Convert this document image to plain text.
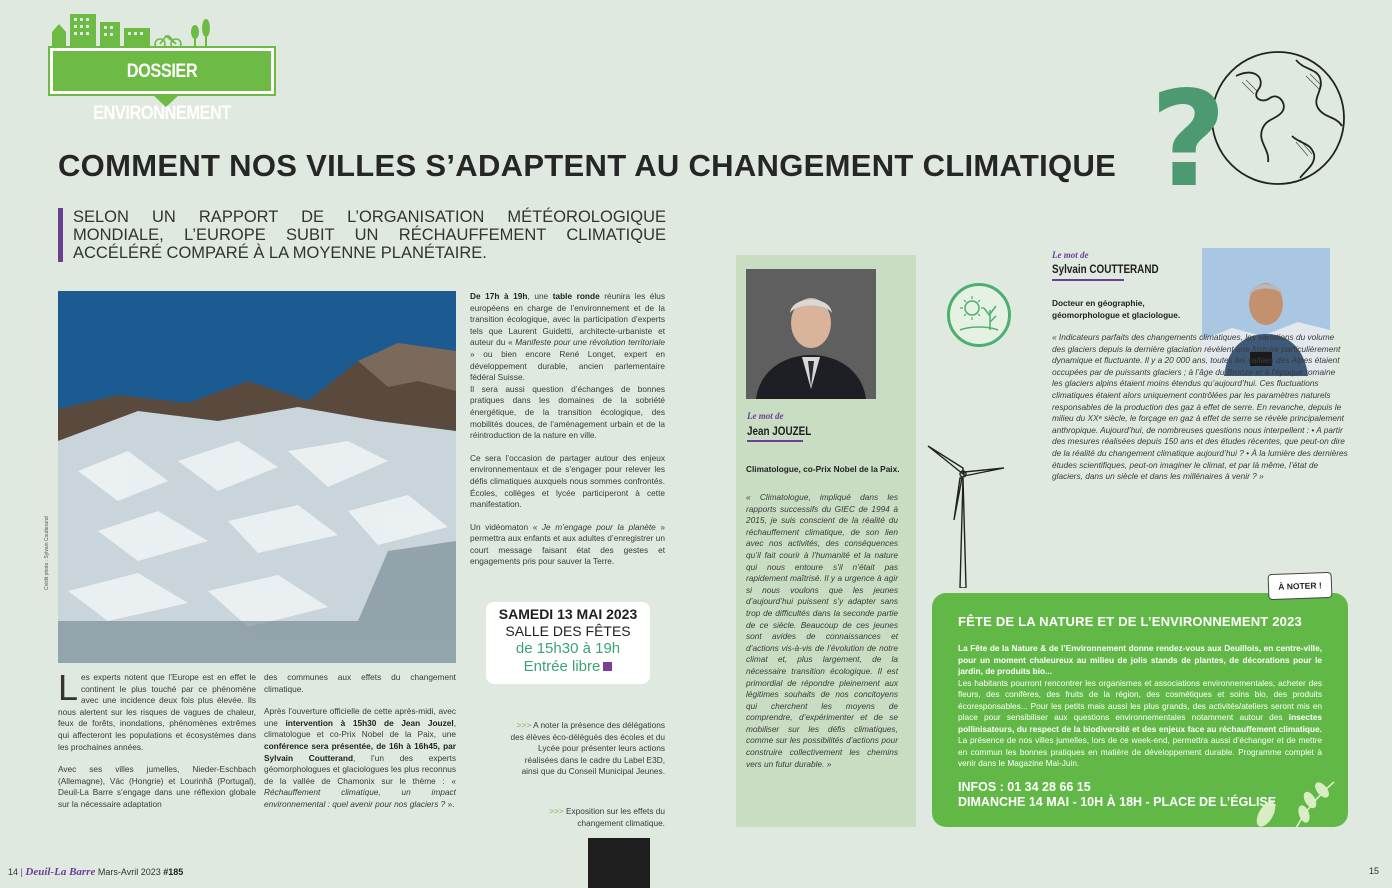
DOSSIER ENVIRONNEMENT	?
COMMENT NOS VILLES S’ADAPTENT AU CHANGEMENT CLIMATIQUE
SELON UN RAPPORT DE L’ORGANISATION MÉTÉOROLOGIQUE MONDIALE, L’EUROPE SUBIT UN RÉCHAUFFEMENT CLIMATIQUE ACCÉLÉRÉ COMPARÉ À LA MOYENNE PLANÉTAIRE.
Crédit photo : Sylvain Coutterand
Les experts notent que l’Europe est en effet le continent le plus touché par ce phénomène avec une incidence deux fois plus élevée. Ils nous alertent sur les risques de vagues de chaleur, feux de forêts, inondations, phénomènes extrêmes qui affecteront les populations et écosystèmes dans les prochaines années.
Avec ses villes jumelles, Nieder-Eschbach (Allemagne), Vác (Hongrie) et Lourinhã (Portugal), Deuil-La Barre s’engage dans une réflexion globale sur la nécessaire adaptation
des communes aux effets du changement climatique.
Après l’ouverture officielle de cette après-midi, avec une intervention à 15h30 de Jean Jouzel, climatologue et co-Prix Nobel de la Paix, une conférence sera présentée, de 16h à 16h45, par Sylvain Coutterand, l’un des experts géomorphologues et glaciologues les plus reconnus de la vallée de Chamonix sur le thème : « Réchauffement climatique, un impact environnemental : quel avenir pour nos glaciers ? ».
De 17h à 19h, une table ronde réunira les élus européens en charge de l’environnement et de la transition écologique, avec la participation d’experts tels que Laurent Guidetti, architecte-urbaniste et auteur du « Manifeste pour une révolution territoriale » ou bien encore René Longet, expert en développement durable, ancien parlementaire fédéral Suisse.
Il sera aussi question d’échanges de bonnes pratiques dans les domaines de la sobriété énergétique, de la transition écologique, des mobilités douces, de l’aménagement urbain et de la réintroduction de la nature en ville.
Ce sera l’occasion de partager autour des enjeux environnementaux et de s’engager pour relever les défis climatiques auxquels nous sommes confrontés. Écoles, collèges et lycée participeront à cette manifestation.
Un vidéomaton « Je m’engage pour la planète » permettra aux enfants et aux adultes d’enregistrer un court message faisant état des gestes et engagements pris pour sauver la Terre.
SAMEDI 13 MAI 2023
SALLE DES FÊTES
de 15h30 à 19h
Entrée libre
>>> A noter la présence des délégations des élèves éco-délégués des écoles et du Lycée pour présenter leurs actions réalisées dans le cadre du Label E3D, ainsi que du Conseil Municipal Jeunes.
>>> Exposition sur les effets du changement climatique.
Le mot de
Jean JOUZEL
Climatologue, co-Prix Nobel de la Paix.
« Climatologue, impliqué dans les rapports successifs du GIEC de 1994 à 2015, je suis conscient de la réalité du réchauffement climatique, de son lien avec nos activités, des conséquences qu’il fait courir à l’humanité et la nature qui nous entoure s’il n’était pas rapidement maîtrisé. Il y a urgence à agir si nous voulons que les jeunes d’aujourd’hui puissent s’y adapter sans trop de difficultés dans la seconde partie de ce siècle. Beaucoup de ces jeunes sont avides de connaissances et d’actions vis-à-vis de l’évolution de notre climat et, plus largement, de la nécessaire transition écologique. Il est primordial de répondre pleinement aux légitimes souhaits de nos concitoyens qui cherchent les moyens de comprendre, d’expérimenter et de se mobiliser sur les défis climatiques, comme sur les possibilités d’actions pour construire collectivement les chemins vers un futur durable. »
Le mot de
Sylvain COUTTERAND
Docteur en géographie, géomorphologue et glaciologue.
« Indicateurs parfaits des changements climatiques, les variations du volume des glaciers depuis la dernière glaciation révèlent une histoire particulièrement dynamique et fluctuante. Il y a 20 000 ans, toutes les vallées des Alpes étaient occupées par de puissants glaciers ; à l’âge du Bronze et à l’époque romaine les glaciers alpins étaient moins étendus qu’aujourd’hui. Ces fluctuations climatiques étaient alors uniquement contrôlées par les paramètres naturels responsables de la production des gaz à effet de serre. En revanche, depuis le milieu du XXᵉ siècle, le forçage en gaz à effet de serre se révèle principalement anthropique. Aujourd’hui, de nombreuses questions nous interpellent : • A partir des mesures réalisées depuis 150 ans et des études récentes, que peut-on dire de la réalité du changement climatique aujourd’hui ? • À la lumière des dernières études scientifiques, peut-on imaginer le climat, et par là même, l’état de glaciers, dans un siècle et dans les millénaires à venir ? »
À NOTER !
FÊTE DE LA NATURE ET DE L’ENVIRONNEMENT 2023
La Fête de la Nature & de l’Environnement donne rendez-vous aux Deuillois, en centre-ville, pour un moment chaleureux au milieu de jolis stands de plantes, de décorations pour le jardin, de produits bio...
Les habitants pourront rencontrer les organismes et associations environnementales, acheter des fleurs, des conifères, des fruits de la région, des cosmétiques et soins bio, des produits écoresponsables... Pour les petits mais aussi les plus grands, des activités/ateliers seront mis en place pour sensibiliser aux questions environnementales notamment autour des insectes pollinisateurs, du respect de la biodiversité et des enjeux face au réchauffement climatique. La présence de nos villes jumelles, lors de ce week-end, permettra aussi d’échanger et de mettre en commun les bonnes pratiques en matière de développement durable. Programme complet à venir dans le Magazine Mai-Juin.
INFOS : 01 34 28 66 15
DIMANCHE 14 MAI - 10H À 18H - PLACE DE L’ÉGLISE
14 | Deuil-La Barre Mars-Avril 2023 #185	15
